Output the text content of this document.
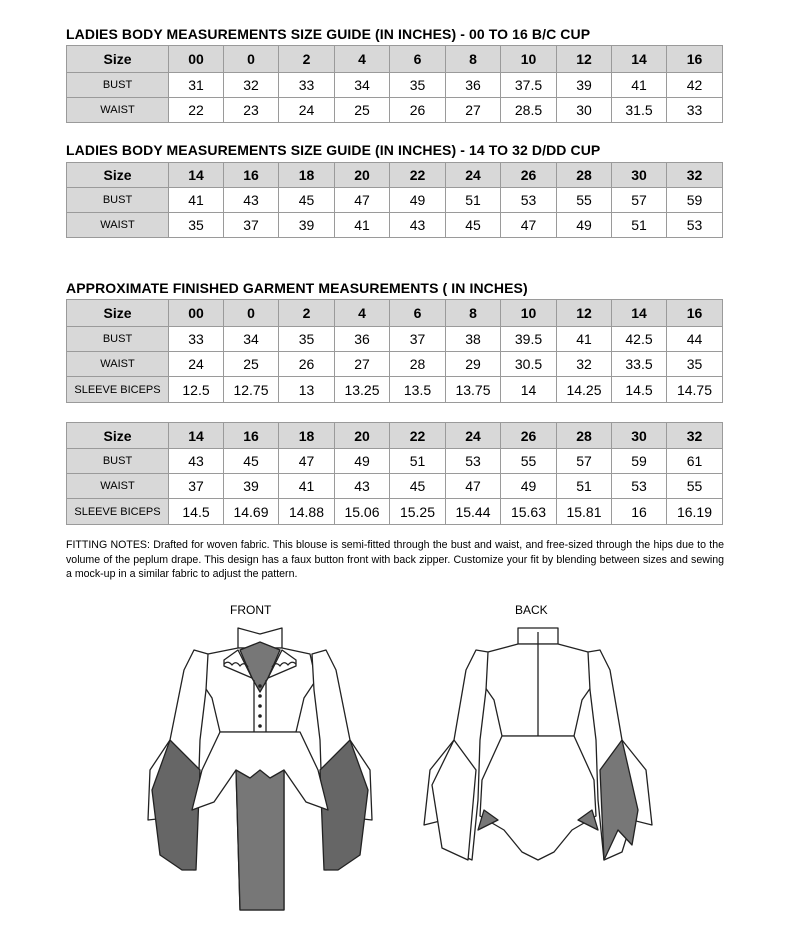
LADIES BODY MEASUREMENTS SIZE GUIDE (IN INCHES) - 00 TO 16 B/C CUP
Size	00	0	2	4	6	8	10	12	14	16
BUST	31	32	33	34	35	36	37.5	39	41	42
WAIST	22	23	24	25	26	27	28.5	30	31.5	33
LADIES BODY MEASUREMENTS SIZE GUIDE (IN INCHES) - 14 TO 32 D/DD CUP
Size	14	16	18	20	22	24	26	28	30	32
BUST	41	43	45	47	49	51	53	55	57	59
WAIST	35	37	39	41	43	45	47	49	51	53
APPROXIMATE FINISHED GARMENT MEASUREMENTS ( IN INCHES)
Size	00	0	2	4	6	8	10	12	14	16
BUST	33	34	35	36	37	38	39.5	41	42.5	44
WAIST	24	25	26	27	28	29	30.5	32	33.5	35
SLEEVE BICEPS	12.5	12.75	13	13.25	13.5	13.75	14	14.25	14.5	14.75
Size	14	16	18	20	22	24	26	28	30	32
BUST	43	45	47	49	51	53	55	57	59	61
WAIST	37	39	41	43	45	47	49	51	53	55
SLEEVE BICEPS	14.5	14.69	14.88	15.06	15.25	15.44	15.63	15.81	16	16.19
FITTING NOTES: Drafted for woven fabric. This blouse is semi-fitted through the bust and waist, and free-sized through the hips due to the volume of the peplum drape. This design has a faux button front with back zipper. Customize your fit by blending between sizes and sewing a mock-up in a similar fabric to adjust the pattern.
FRONT	BACK
